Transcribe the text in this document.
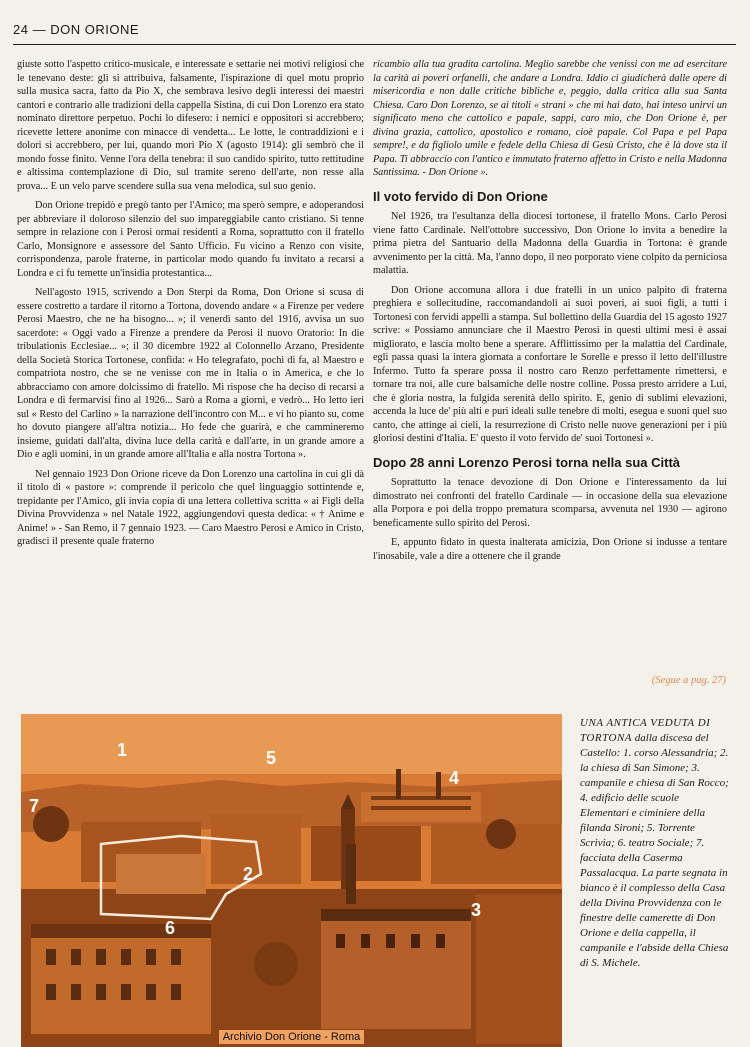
24 — DON ORIONE

giuste sotto l'aspetto critico-musicale, e interessate e settarie nei motivi religiosi che le tenevano deste: gli si attribuiva, falsamente, l'ispirazione di quel motu proprio sulla musica sacra, fatto da Pio X, che sembrava lesivo degli interessi dei maestri cantori e contrario alle tradizioni della cappella Sistina, di cui Don Lorenzo era stato nominato direttore perpetuo. Pochi lo difesero: i nemici e oppositori si accrebbero; ricevette lettere anonime con minacce di vendetta... Le lotte, le contraddizioni e i dolori si accrebbero, per lui, quando morì Pio X (agosto 1914): gli sembrò che il mondo fosse finito. Venne l'ora della tenebra: il suo candido spirito, tutto rettitudine e altissima contemplazione di Dio, sul tramite sereno dell'arte, non resse alla prova... E un velo parve scendere sulla sua vena melodica, sul suo genio.

Don Orione trepidò e pregò tanto per l'Amico; ma sperò sempre, e adoperandosi per abbreviare il doloroso silenzio del suo impareggiabile canto cristiano. Si tenne sempre in relazione con i Perosi ormai residenti a Roma, soprattutto con il fratello Carlo, Monsignore e assessore del Santo Ufficio. Fu vicino a Renzo con visite, corrispondenza, parole fraterne, in particolar modo quando fu invitato a recarsi a Londra e ci fu temette un'insidia protestantica...

Nell'agosto 1915, scrivendo a Don Sterpi da Roma, Don Orione si scusa di essere costretto a tardare il ritorno a Tortona, dovendo andare « a Firenze per vedere Perosi Maestro, che ne ha bisogno... »; il venerdì santo del 1916, avvisa un suo sacerdote: « Oggi vado a Firenze a prendere da Perosi il nuovo Oratorio: In die tribulationis Ecclesiae... »; il 30 dicembre 1922 al Colonnello Arzano, Presidente della Società Storica Tortonese, confida: « Ho telegrafato, pochi dì fa, al Maestro e compatriota nostro, che se ne venisse con me in Italia o in America, e che lo abbracciamo con amore dolcissimo di fratello. Mi rispose che ha deciso di recarsi a Londra e di fermarvisi fino al 1926... Sarò a Roma a giorni, e vedrò... Ho letto ieri sul « Resto del Carlino » la narrazione dell'incontro con M... e vi ho pianto su, come ho dovuto piangere all'altra notizia... Ho fede che guarirà, e che cammineremo insieme, guidati dall'alta, divina luce della carità e dall'arte, in un grande amore a Dio e agli uomini, in un grande amore all'Italia e alla nostra Tortona ».

Nel gennaio 1923 Don Orione riceve da Don Lorenzo una cartolina in cui gli dà il titolo di « pastore »: comprende il pericolo che quel linguaggio sottintende e, trepidante per l'Amico, gli invia copia di una lettera collettiva scritta « ai Figli della Divina Provvidenza » nel Natale 1922, aggiungendovi questa dedica: « † Anime e Anime! » - San Remo, il 7 gennaio 1923. — Caro Maestro Perosi e Amico in Cristo, gradisci il presente quale fraterno

ricambio alla tua gradita cartolina. Meglio sarebbe che venissi con me ad esercitare la carità ai poveri orfanelli, che andare a Londra. Iddio ci giudicherà dalle opere di misericordia e non dalle critiche bibliche e, peggio, dalla critica alla sua Santa Chiesa. Caro Don Lorenzo, se ai titoli « strani » che mi hai dato, hai inteso unirvi un significato meno che cattolico e papale, sappi, caro mio, che Don Orione è, per divina grazia, cattolico, apostolico e romano, cioè papale. Col Papa e pel Papa sempre!, e da figliolo umile e fedele della Chiesa di Gesù Cristo, che è là dove sta il Papa. Ti abbraccio con l'antico e immutato fraterno affetto in Cristo e nella Madonna Santissima. - Don Orione ».

Il voto fervido di Don Orione

Nel 1926, tra l'esultanza della diocesi tortonese, il fratello Mons. Carlo Perosi viene fatto Cardinale. Nell'ottobre successivo, Don Orione lo invita a benedire la prima pietra del Santuario della Madonna della Guardia in Tortona: è grande avvenimento per la città. Ma, l'anno dopo, il neo porporato viene colpito da perniciosa malattia.

Don Orione accomuna allora i due fratelli in un unico palpito di fraterna preghiera e sollecitudine, raccomandandoli ai suoi poveri, ai suoi figli, a tutti i Tortonesi con fervidi appelli a stampa. Sul bollettino della Guardia del 15 agosto 1927 scrive: « Possiamo annunciare che il Maestro Perosi in questi ultimi mesi è assai migliorato, e lascia molto bene a sperare. Afflittissimo per la malattia del Cardinale, egli passa quasi la intera giornata a confortare le Sorelle e presso il letto dell'illustre Infermo. Tutto fa sperare possa il nostro caro Renzo perfettamente rimettersi, e tornare tra noi, alle cure balsamiche delle nostre colline. Possa presto arridere a Lui, che è gloria nostra, la fulgida serenità dello spirito. E, genio di sublimi elevazioni, accenda la luce de' più alti e puri ideali sulle tenebre di molti, esegua e suoni quel suo canto, che attinge ai cieli, la resurrezione di Cristo nelle nuove generazioni per i più gloriosi destini d'Italia. E' questo il voto fervido de' suoi Tortonesi ».

Dopo 28 anni Lorenzo Perosi torna nella sua Città

Soprattutto la tenace devozione di Don Orione e l'interessamento da lui dimostrato nei confronti del fratello Cardinale — in occasione della sua elevazione alla Porpora e poi della troppo prematura scomparsa, avvenuta nel 1930 — agirono beneficamente sullo spirito del Perosi.

E, appunto fidato in questa inalterata amicizia, Don Orione si indusse a tentare l'inosabile, vale a dire a ottenere che il grande

(Segue a pag. 27)
1
2
3
4
5
6
7
Archivio Don Orione - Roma
UNA ANTICA VEDUTA DI TORTONA dalla discesa del Castello: 1. corso Alessandria; 2. la chiesa di San Simone; 3. campanile e chiesa di San Rocco; 4. edificio delle scuole Elementari e ciminiere della filanda Sironi; 5. Torrente Scrivia; 6. teatro Sociale; 7. facciata della Caserma Passalacqua. La parte segnata in bianco è il complesso della Casa della Divina Provvidenza con le finestre delle camerette di Don Orione e della cappella, il campanile e l'abside della Chiesa di S. Michele.
